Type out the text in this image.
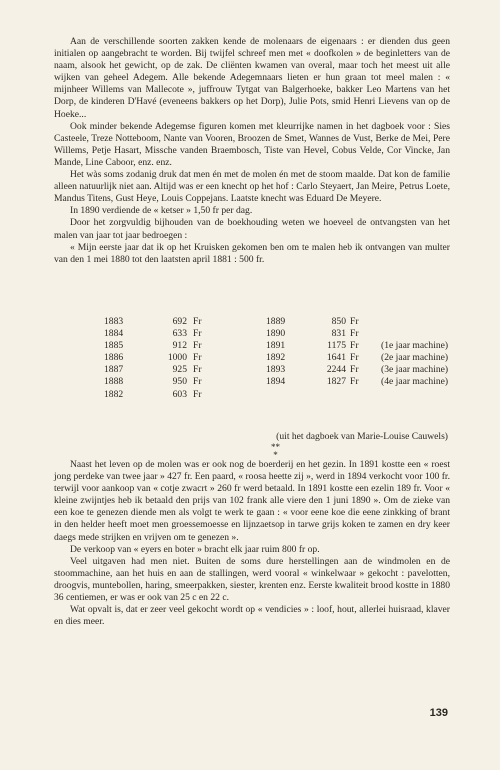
Aan de verschillende soorten zakken kende de molenaars de eigenaars : er dienden dus geen initialen op aangebracht te worden. Bij twijfel schreef men met « doofkolen » de beginletters van de naam, alsook het gewicht, op de zak. De cliënten kwamen van overal, maar toch het meest uit alle wijken van geheel Adegem. Alle bekende Adegemnaars lieten er hun graan tot meel malen : « mijnheer Willems van Mallecote », juffrouw Tytgat van Balgerhoeke, bakker Leo Martens van het Dorp, de kinderen D'Havé (eveneens bakkers op het Dorp), Julie Pots, smid Henri Lievens van op de Hoeke...

Ook minder bekende Adegemse figuren komen met kleurrijke namen in het dagboek voor : Sies Casteele, Treze Notteboom, Nante van Vooren, Broozen de Smet, Wannes de Vust, Berke de Mei, Pere Willems, Petje Hasart, Missche vanden Braembosch, Tiste van Hevel, Cobus Velde, Cor Vincke, Jan Mande, Line Caboor, enz. enz.

Het wàs soms zodanig druk dat men én met de molen én met de stoom maalde. Dat kon de familie alleen natuurlijk niet aan. Altijd was er een knecht op het hof : Carlo Steyaert, Jan Meire, Petrus Loete, Mandus Titens, Gust Heye, Louis Coppejans. Laatste knecht was Eduard De Meyere.

In 1890 verdiende de « ketser » 1,50 fr per dag.

Door het zorgvuldig bijhouden van de boekhouding weten we hoeveel de ontvangsten van het malen van jaar tot jaar bedroegen :

« Mijn eerste jaar dat ik op het Kruisken gekomen ben om te malen heb ik ontvangen van multer van den 1 mei 1880 tot den laatsten april 1881 : 500 fr.

1883	692 Fr	1889	850 Fr
1884	633 Fr	1890	831 Fr
1885	912 Fr	1891	1175 Fr (1e jaar machine)
1886	1000 Fr	1892	1641 Fr (2e jaar machine)
1887	925 Fr	1893	2244 Fr (3e jaar machine)
1888	950 Fr	1894	1827 Fr (4e jaar machine)
1882	603 Fr
(uit het dagboek van Marie-Louise Cauwels)
**
*

Naast het leven op de molen was er ook nog de boerderij en het gezin. In 1891 kostte een « roest jong perdeke van twee jaar » 427 fr. Een paard, « roosa heette zij », werd in 1894 verkocht voor 100 fr. terwijl voor aankoop van « cotje zwacrt » 260 fr werd betaald. In 1891 kostte een ezelin 189 fr. Voor « kleine zwijntjes heb ik betaald den prijs van 102 frank alle viere den 1 juni 1890 ». Om de zieke van een koe te genezen diende men als volgt te werk te gaan : « voor eene koe die eene zinkking of brant in den helder heeft moet men groessemoesse en lijnzaetsop in tarwe grijs koken te zamen en dry keer daegs mede strijken en vrijven om te genezen ».

De verkoop van « eyers en boter » bracht elk jaar ruim 800 fr op.

Veel uitgaven had men niet. Buiten de soms dure herstellingen aan de windmolen en de stoommachine, aan het huis en aan de stallingen, werd vooral « winkelwaar » gekocht : pavelotten, droogvis, muntebollen, haring, smeerpakken, siester, krenten enz. Eerste kwaliteit brood kostte in 1880 36 centiemen, er was er ook van 25 c en 22 c.

Wat opvalt is, dat er zeer veel gekocht wordt op « vendicies » : loof, hout, allerlei huisraad, klaver en dies meer.

139
